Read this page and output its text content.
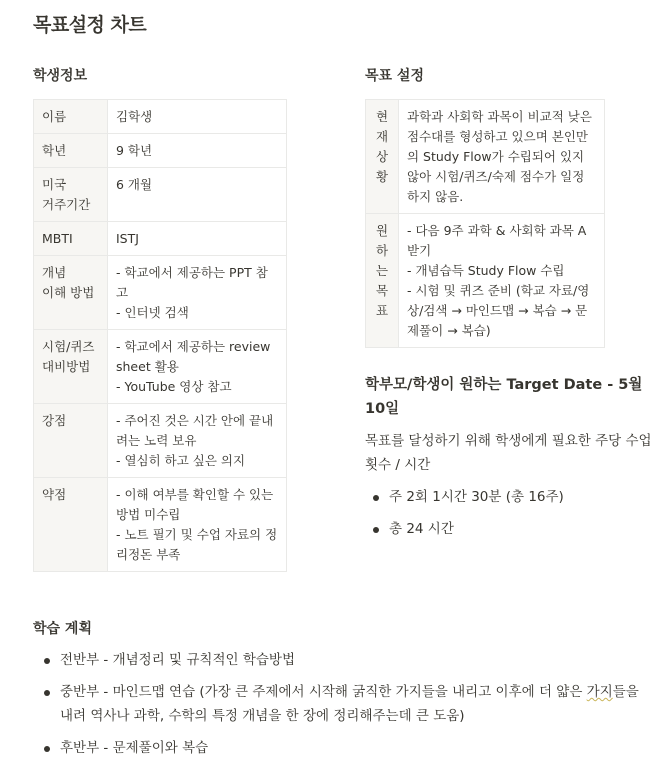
목표설정 차트
학생정보
이름	김학생
학년	9 학년
미국
거주기간	6 개월
MBTI	ISTJ
개념
이해 방법	- 학교에서 제공하는 PPT 참고
- 인터넷 검색
시험/퀴즈
대비방법	- 학교에서 제공하는 review sheet 활용
- YouTube 영상 참고
강점	- 주어진 것은 시간 안에 끝내려는 노력 보유
- 열심히 하고 싶은 의지
약점	- 이해 여부를 확인할 수 있는 방법 미수립
- 노트 필기 및 수업 자료의 정리정돈 부족
목표 설정
현재상황	과학과 사회학 과목이 비교적 낮은 점수대를 형성하고 있으며 본인만의 Study Flow가 수립되어 있지 않아 시험/퀴즈/숙제 점수가 일정하지 않음.
원하는목표	- 다음 9주 과학 & 사회학 과목 A 받기
- 개념습득 Study Flow 수립
- 시험 및 퀴즈 준비 (학교 자료/영상/검색 → 마인드맵 → 복습 → 문제풀이 → 복습)
학부모/학생이 원하는 Target Date - 5월 10일
목표를 달성하기 위해 학생에게 필요한 주당 수업 횟수 / 시간
주 2회 1시간 30분 (총 16주)
총 24 시간
학습 계획
전반부 - 개념정리 및 규칙적인 학습방법
중반부 - 마인드맵 연습 (가장 큰 주제에서 시작해 굵직한 가지들을 내리고 이후에 더 얇은 가지들을 내려 역사나 과학, 수학의 특정 개념을 한 장에 정리해주는데 큰 도움)
후반부 - 문제풀이와 복습
